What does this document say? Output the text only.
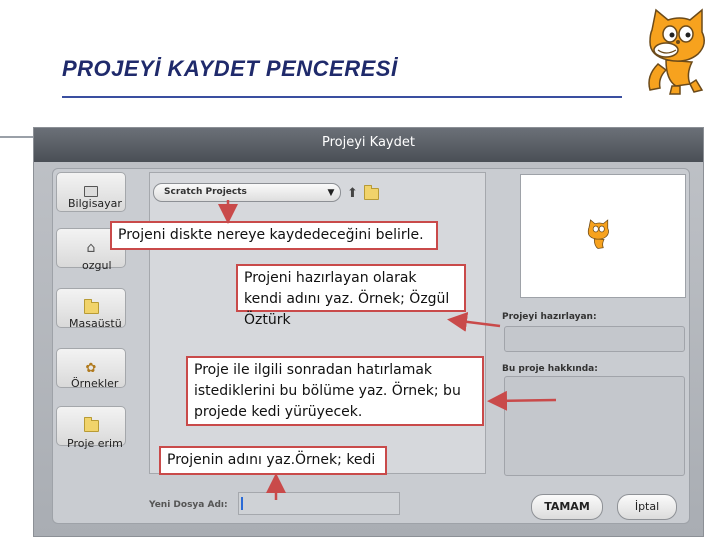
PROJEYİ KAYDET PENCERESİ
Projeyi Kaydet
Bilgisayar
⌂
ozgul
Masaüstü
✿
Örnekler
Proje erim
Scratch Projects	▼ ⬆
Projeyi hazırlayan:
Bu proje hakkında:
Yeni Dosya Adı:	TAMAM	İptal
Projeni diskte nereye kaydedeceğini belirle.
Projeni hazırlayan olarak kendi adını yaz. Örnek; Özgül Öztürk
Proje ile ilgili sonradan hatırlamak istediklerini bu bölüme yaz. Örnek; bu projede kedi yürüyecek.
Projenin adını yaz.Örnek; kedi
